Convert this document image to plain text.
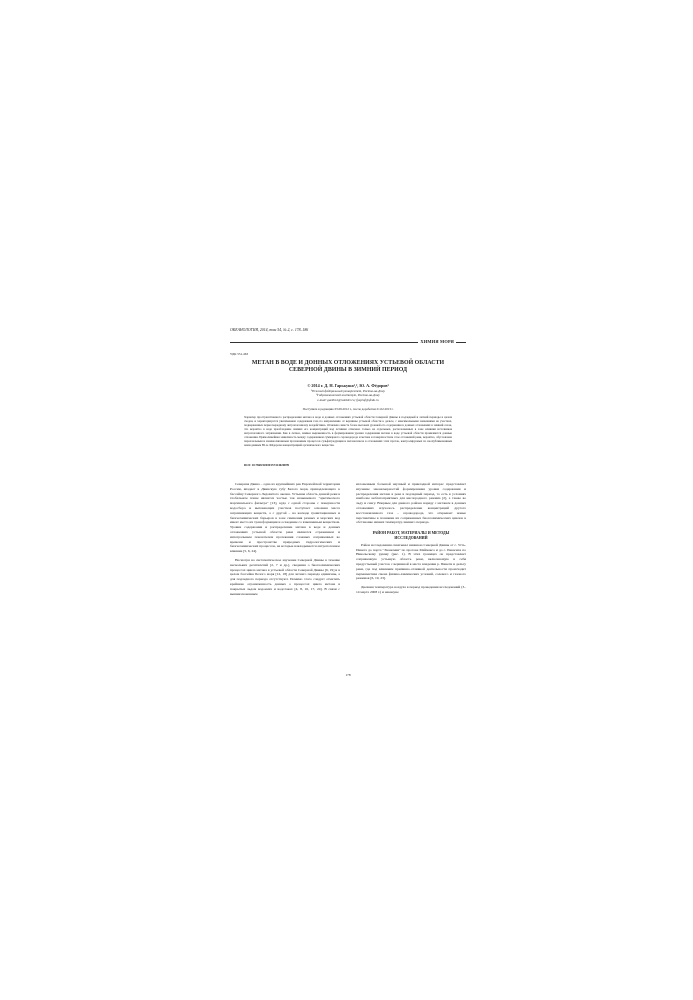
ОКЕАНОЛОГИЯ, 2014, том 54, № 2, с. 178–186
ХИМИЯ МОРЯ
УДК 551.463
МЕТАН В ВОДЕ И ДОННЫХ ОТЛОЖЕНИЯХ УСТЬЕВОЙ ОБЛАСТИ СЕВЕРНОЙ ДВИНЫ В ЗИМНИЙ ПЕРИОД
© 2014 г. Д. Н. Гарькуша¹,², Ю. А. Фёдоров¹
¹Южный федеральный университет, Ростов-на-Дону
²Гидрохимический институт, Ростов-на-Дону
e-mail: gardim1@rambler.ru; fyaprof@sfedu.ru
Поступила в редакцию 03.09.2012 г., после доработки 21.02.2013 г.
Характер пространственного распределения метана в воде и донных отложениях устьевой области Северной Двины в подледный и летний периоды в целом сходен, и характеризуется увеличением содержания газа по направлению от вершины устьевой области к дельте, с максимальными значениями на участках, подверженных первоочередному антропогенному воздействию. Отмечено вместе более высоких уровней его содержания в донных отложениях в зимний сезон, что вероятно в воде преобладание зимних его концентраций над летними отмечено только на отдельных, расположенных в зоне влияния источников антропогенного загрязнения. Как в летнее, зимнее выраженность в формировании уровня содержания метана в воде устьевой области проявляются донные отложения. Прямолинейная зависимость между содержанием суммарного сероводорода и метана в поверхностном слое отложений реки, вероятно, обусловлена параллельным и взаимосвязанным протеканием процессов сульфатредукции и метаногенеза в отложениях этих проток, контролируемых по неопубликованным нами данным Ю.А. Фёдорова концентрацией органического вещества.
DOI: 10.7868/S0030157414020099

Северная Двина – одна из крупнейших рек Европейской территории России, впадает в Двинскую губу Белого моря, принадлежащего к бассейну Северного Ледовитого океана. Устьевая область данной реки в глобальном плане является частью так называемого "арктического маргинального фильтра" [13], куда с одной стороны с поверхности водосбора и вытекающих участков поступает основная масса загрязняющих веществ, а с другой – на каскаде гравитационных и биогеохимических барьеров в зоне смешения речных и морских вод имеет место их трансформация и осаждение со взвешенным веществом. Уровни содержания и распределение метана в воде и донных отложениях устьевой области реки являются отражением и интегральным показателем протекания сложных сопряженных во времени и пространстве природных гидрологических и биогеохимических процессов, на которые накладывается антропогенное влияние [5, 6, 24].

Несмотря на систематическое изучение Северной Двины в течение нескольких десятилетий [2, 7 и др.], сведения о биогеохимических процессах цикла метана в устьевой области Северной Двины [6, 19] и в целом бассейна Белого моря [12, 18] для летнего периода единичны, а для подледного периода отсутствуют. Помимо этого следует отметить крайнюю ограниченность данных о процессах цикла метана в покрытых льдом водоемах и водотоках [4, 8, 16, 17, 24]. В связи с вышеизложенным

изложенным большой научный и прикладной интерес представляет изучение закономерностей формирования уровня содержания и распределения метана в реке в подледный период, то есть в условиях наиболее неблагоприятных для кислородного режима [2], а также во льду и снегу. Впервые для данного района наряду с метаном в донных отложениях изучалось распределение концентраций другого восстановленного газа – сероводорода, что открывает новые перспективы в познании их сопряженных биогеохимических циклов в обстановке низких температур зимнего периода.

РАЙОН РАБОТ, МАТЕРИАЛЫ И МЕТОДЫ ИССЛЕДОВАНИЙ

Район исследования охватывал нижнюю Северной Двины от с. Усть-Пинега до порта "Экономия" по протоке Маймакса и до с. Рикасиха по Никольскому рукаву (рис. 1). В этих границах он представляет сопряженную устьевую область реки, включающую в себя предустьевый участок с вершиной в месте впадения р. Пинеги и дельту реки, где под влиянием приливно-отливной деятельности происходит перманентная смена физико-химических условий, солевого и газового режимов [6, 19, 23].

Дневная температура воздуха в период проведения исследований (3–14 марта 2008 г.) и накануне

178
